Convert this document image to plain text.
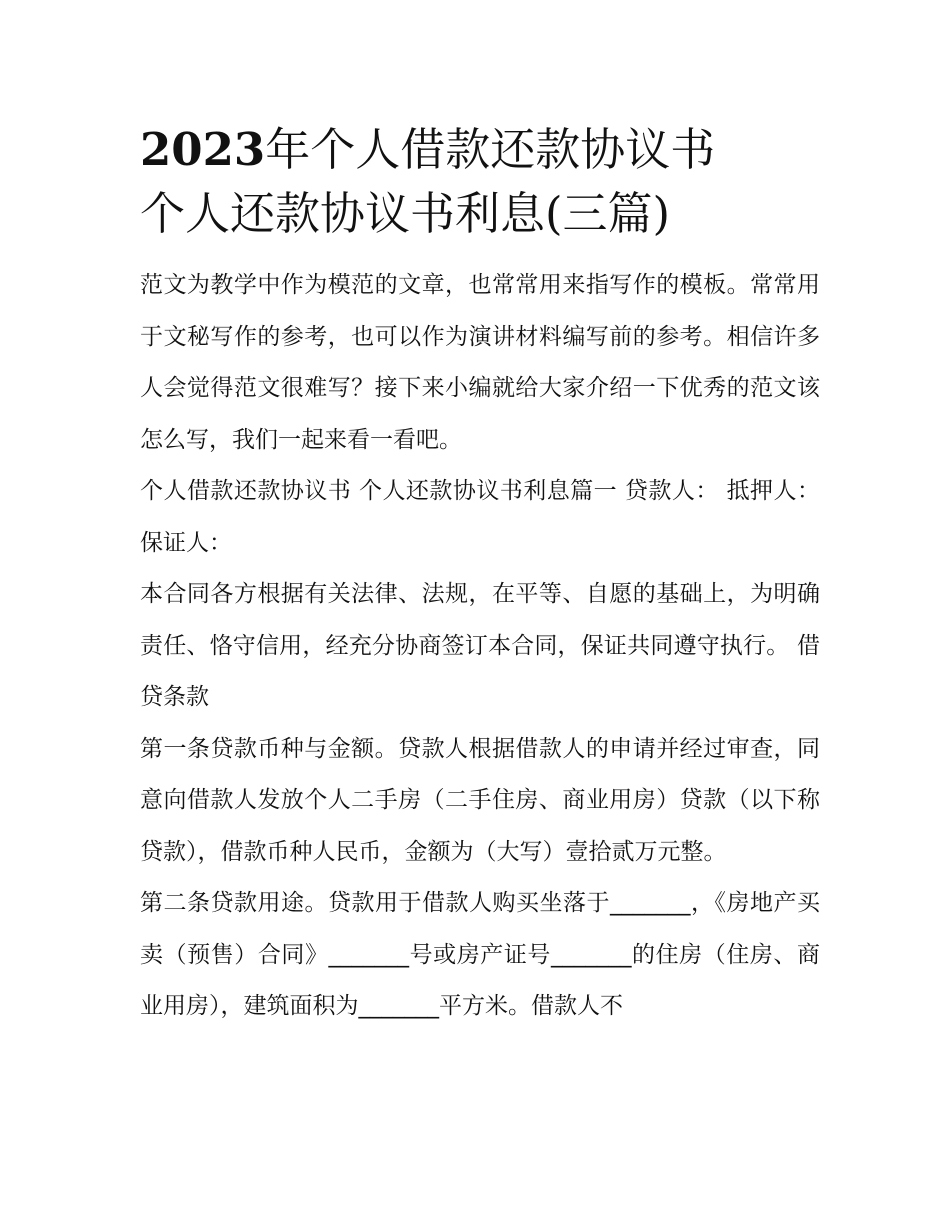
2023年个人借款还款协议书
个人还款协议书利息(三篇)

范文为教学中作为模范的文章，也常常用来指写作的模板。常常用于文秘写作的参考，也可以作为演讲材料编写前的参考。相信许多人会觉得范文很难写？接下来小编就给大家介绍一下优秀的范文该怎么写，我们一起来看一看吧。

个人借款还款协议书 个人还款协议书利息篇一 贷款人： 抵押人： 保证人：

本合同各方根据有关法律、法规，在平等、自愿的基础上，为明确责任、恪守信用，经充分协商签订本合同，保证共同遵守执行。 借贷条款

第一条贷款币种与金额。贷款人根据借款人的申请并经过审查，同意向借款人发放个人二手房（二手住房、商业用房）贷款（以下称贷款），借款币种人民币，金额为（大写）壹拾贰万元整。

第二条贷款用途。贷款用于借款人购买坐落于_______，《房地产买卖（预售）合同》_______号或房产证号_______的住房（住房、商业用房），建筑面积为_______平方米。借款人不
